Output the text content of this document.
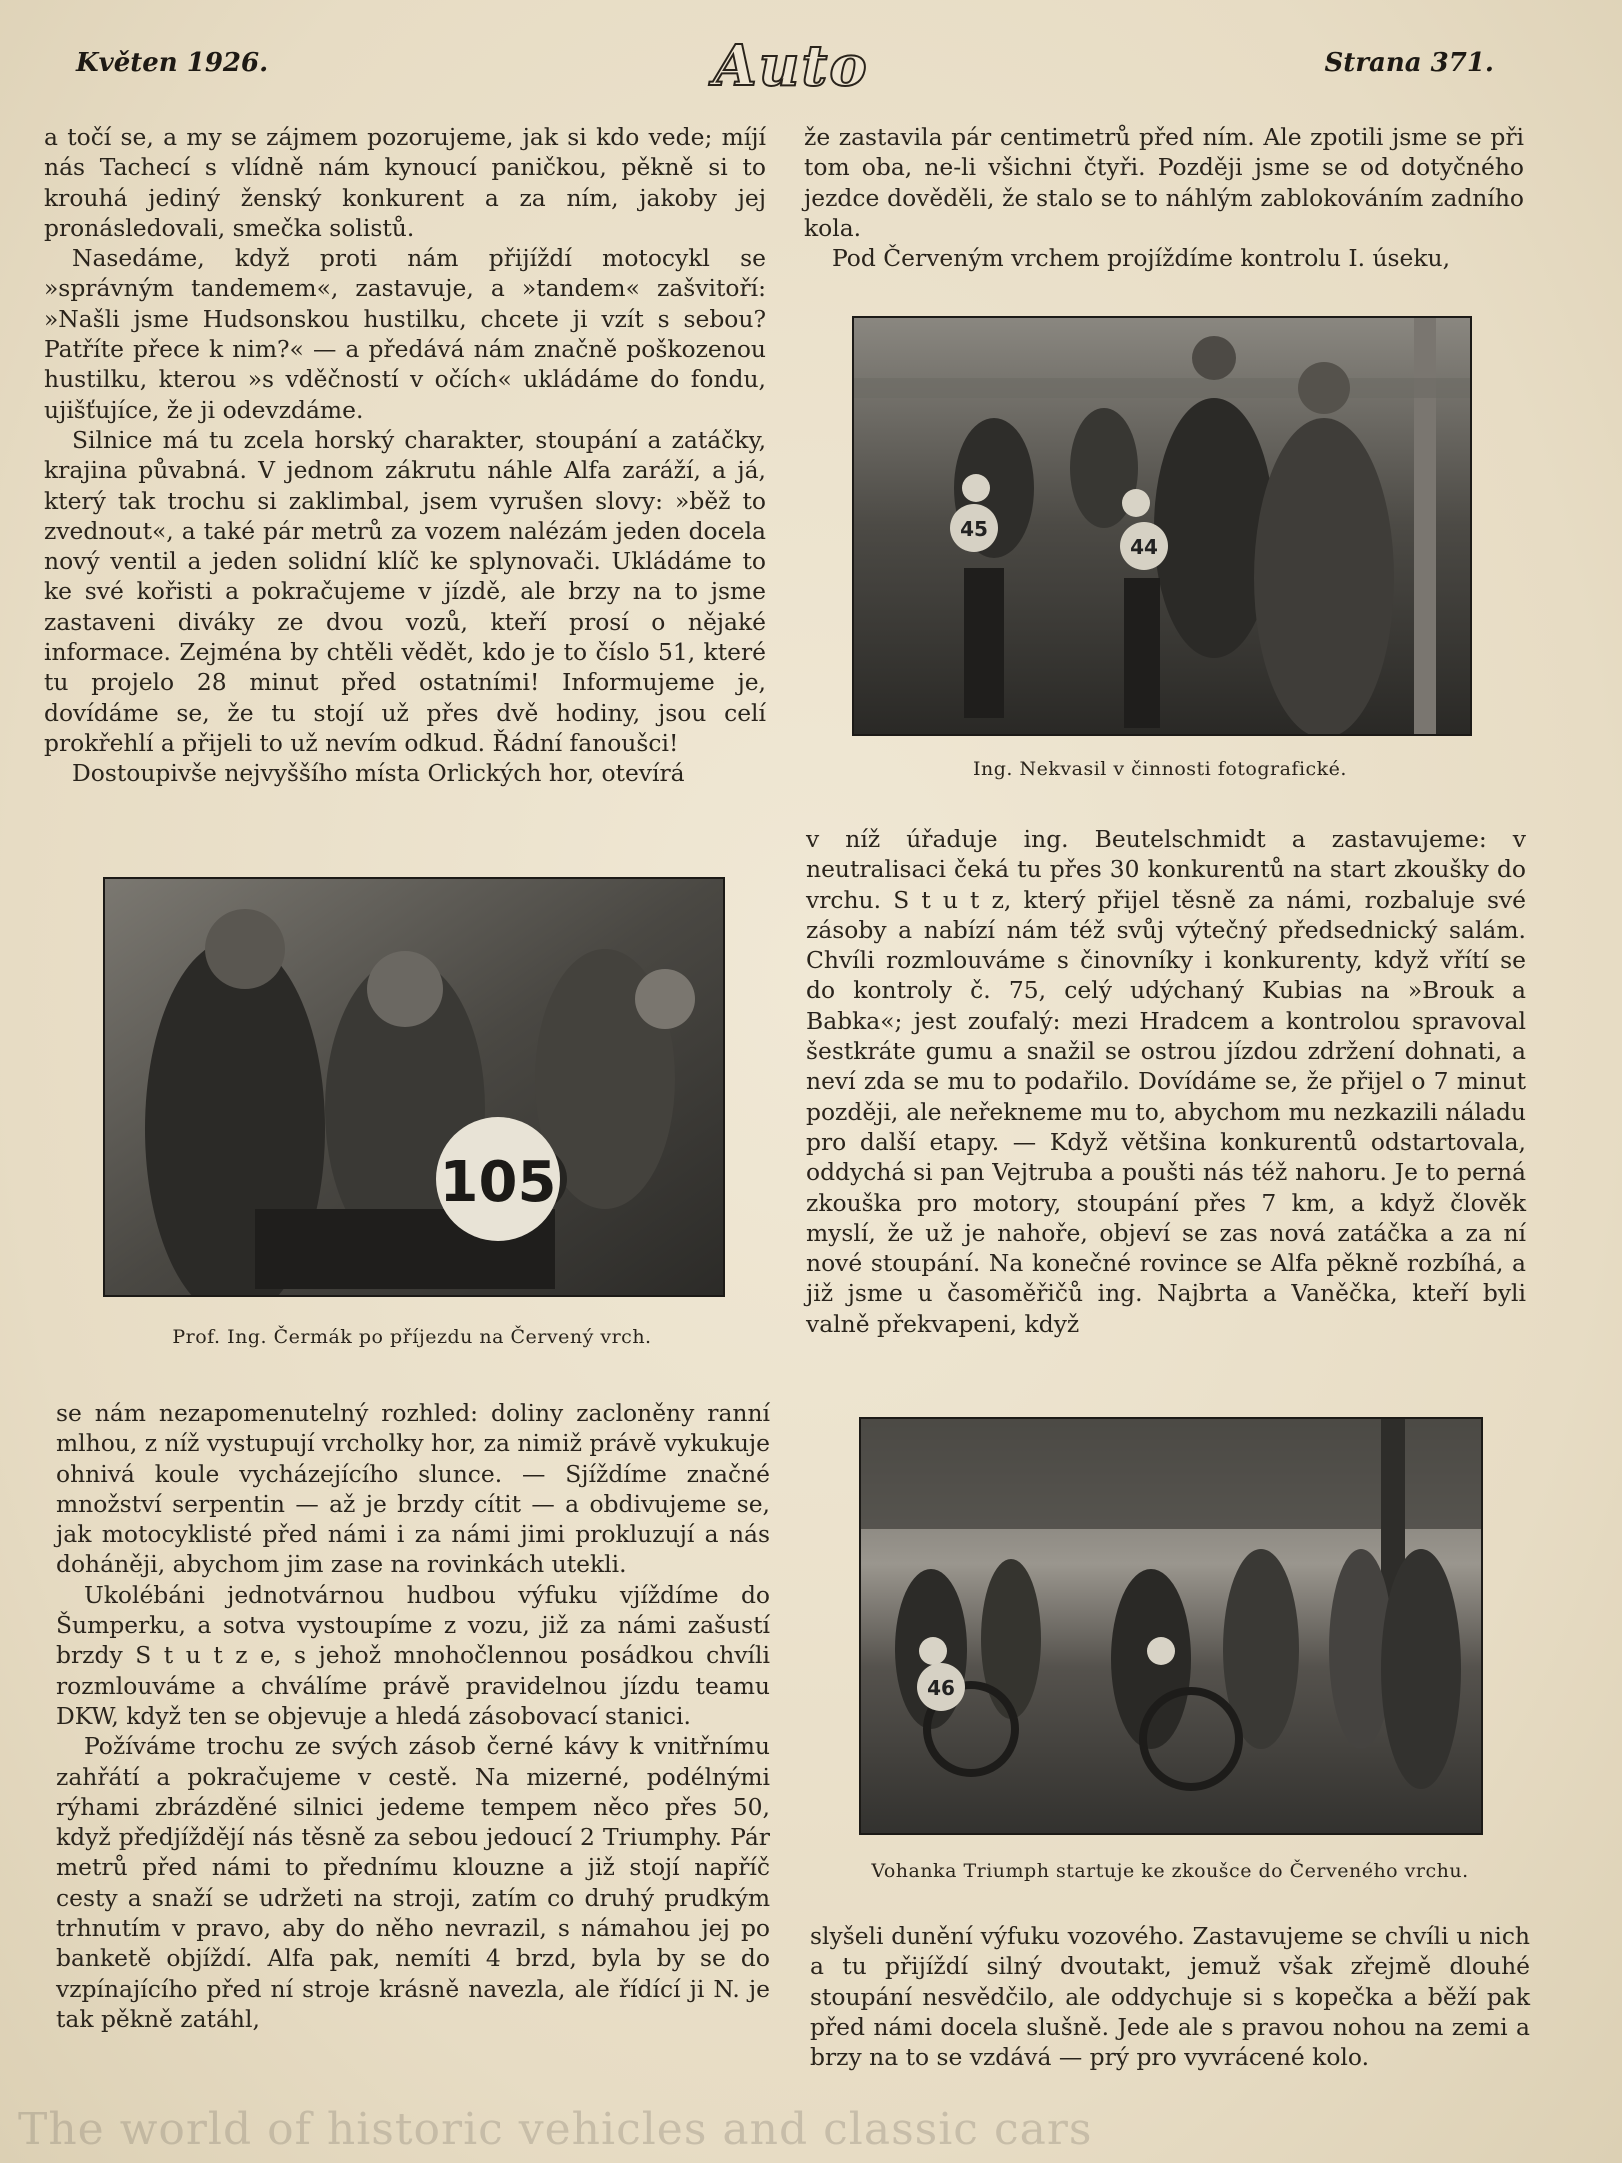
Květen 1926.	Auto	Strana 371.

a točí se, a my se zájmem pozorujeme, jak si kdo vede; míjí nás Tachecí s vlídně nám kynoucí paničkou, pěkně si to krouhá jediný ženský konkurent a za ním, jakoby jej pronásledovali, smečka solistů.

Nasedáme, když proti nám přijíždí motocykl se »správným tandemem«, zastavuje, a »tandem« zašvitoří: »Našli jsme Hudsonskou hustilku, chcete ji vzít s sebou? Patříte přece k nim?« — a předává nám značně poškozenou hustilku, kterou »s vděčností v očích« ukládáme do fondu, ujišťujíce, že ji odevzdáme.

Silnice má tu zcela horský charakter, stoupání a zatáčky, krajina půvabná. V jednom zákrutu náhle Alfa zaráží, a já, který tak trochu si zaklimbal, jsem vyrušen slovy: »běž to zvednout«, a také pár metrů za vozem nalézám jeden docela nový ventil a jeden solidní klíč ke splynovači. Ukládáme to ke své kořisti a pokračujeme v jízdě, ale brzy na to jsme zastaveni diváky ze dvou vozů, kteří prosí o nějaké informace. Zejména by chtěli vědět, kdo je to číslo 51, které tu projelo 28 minut před ostatními! Informujeme je, dovídáme se, že tu stojí už přes dvě hodiny, jsou celí prokřehlí a přijeli to už nevím odkud. Řádní fanoušci!

Dostoupivše nejvyššího místa Orlických hor, otevírá

že zastavila pár centimetrů před ním. Ale zpotili jsme se při tom oba, ne-li všichni čtyři. Později jsme se od dotyčného jezdce dověděli, že stalo se to náhlým zablokováním zadního kola.

Pod Červeným vrchem projíždíme kontrolu I. úseku,

45
44
Ing. Nekvasil v činnosti fotografické.

v níž úřaduje ing. Beutelschmidt a zastavujeme: v neutralisaci čeká tu přes 30 konkurentů na start zkoušky do vrchu. S t u t z, který přijel těsně za námi, rozbaluje své zásoby a nabízí nám též svůj výtečný předsednický salám. Chvíli rozmlouváme s činovníky i konkurenty, když vřítí se do kontroly č. 75, celý udýchaný Kubias na »Brouk a Babka«; jest zoufalý: mezi Hradcem a kontrolou spravoval šestkráte gumu a snažil se ostrou jízdou zdržení dohnati, a neví zda se mu to podařilo. Dovídáme se, že přijel o 7 minut později, ale neřekneme mu to, abychom mu nezkazili náladu pro další etapy. — Když většina konkurentů odstartovala, oddychá si pan Vejtruba a poušti nás též nahoru. Je to perná zkouška pro motory, stoupání přes 7 km, a když člověk myslí, že už je nahoře, objeví se zas nová zatáčka a za ní nové stoupání. Na konečné rovince se Alfa pěkně rozbíhá, a již jsme u časoměřičů ing. Najbrta a Vaněčka, kteří byli valně překvapeni, když

105
Prof. Ing. Čermák po příjezdu na Červený vrch.

se nám nezapomenutelný rozhled: doliny zacloněny ranní mlhou, z níž vystupují vrcholky hor, za nimiž právě vykukuje ohnivá koule vycházejícího slunce. — Sjíždíme značné množství serpentin — až je brzdy cítit — a obdivujeme se, jak motocyklisté před námi i za námi jimi prokluzují a nás doháněji, abychom jim zase na rovinkách utekli.

Ukolébáni jednotvárnou hudbou výfuku vjíždíme do Šumperku, a sotva vystoupíme z vozu, již za námi zašustí brzdy S t u t z e, s jehož mnohočlennou posádkou chvíli rozmlouváme a chválíme právě pravidelnou jízdu teamu DKW, když ten se objevuje a hledá zásobovací stanici.

Požíváme trochu ze svých zásob černé kávy k vnitřnímu zahřátí a pokračujeme v cestě. Na mizerné, podélnými rýhami zbrázděné silnici jedeme tempem něco přes 50, když předjíždějí nás těsně za sebou jedoucí 2 Triumphy. Pár metrů před námi to přednímu klouzne a již stojí napříč cesty a snaží se udržeti na stroji, zatím co druhý prudkým trhnutím v pravo, aby do něho nevrazil, s námahou jej po banketě objíždí. Alfa pak, nemíti 4 brzd, byla by se do vzpínajícího před ní stroje krásně navezla, ale řídící ji N. je tak pěkně zatáhl,

46
Vohanka Triumph startuje ke zkoušce do Červeného vrchu.

slyšeli dunění výfuku vozového. Zastavujeme se chvíli u nich a tu přijíždí silný dvoutakt, jemuž však zřejmě dlouhé stoupání nesvědčilo, ale oddychuje si s kopečka a běží pak před námi docela slušně. Jede ale s pravou nohou na zemi a brzy na to se vzdává — prý pro vyvrácené kolo.

The world of historic vehicles and classic cars
